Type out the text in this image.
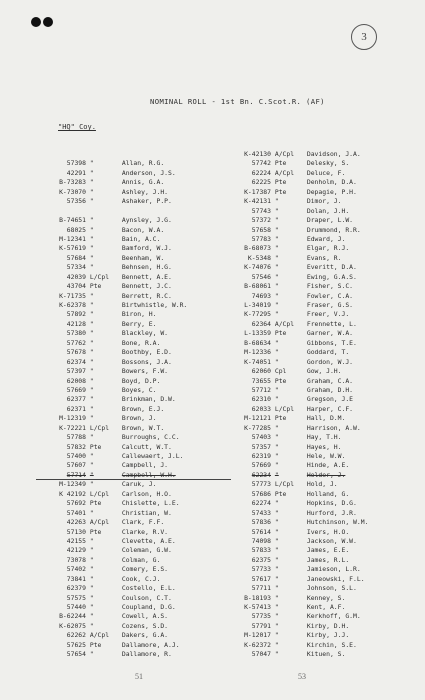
3
NOMINAL ROLL - 1st Bn. C.Scot.R. (AF)
"HQ" Coy.

57398 "	Allan, R.G.
42291 "	Anderson, J.S.
B-73283 "	Annis, G.A.
K-73070 "	Ashley, J.H.
57356 "	Ashaker, P.P.

B-74651 "	Aynsley, J.G.
68025 "	Bacon, W.A.
M-12341 "	Bain, A.C.
K-57619 "	Bamford, W.J.
57684 "	Beenham, W.
57334 "	Behnsen, H.G.
42039 L/Cpl Bennett, A.E.
43704 Pte	Bennett, J.C.
K-71735 "	Berrett, R.C.
K-62378 "	Birtwhistle, W.R.
57892 "	Biron, H.
42128 "	Berry, E.
57380 "	Blackley, W.
57762 "	Bone, R.A.
57678 "	Boothby, E.D.
62374 "	Bossons, J.A.
57397 "	Bowers, F.W.
62008 "	Boyd, D.P.
57669 "	Boyes, C.
62377 "	Brinkman, D.W.
62371 "	Brown, E.J.
M-12319 "	Brown, J.
K-72221 L/Cpl Brown, W.T.
57788 "	Burroughs, C.C.
57832 Pte	Calcutt, W.T.
57400 "	Callewaert, J.L.
57607 "	Campbell, J.
57714 "	Campbell, W.H.
M-12349 "	Caruk, J.
K 42192 L/Cpl Carlson, H.O.
57692 Pte	Chislette, L.E.
57401 "	Christian, W.
42263 A/Cpl Clark, F.F.
57130 Pte	Clarke, R.V.
42155 "	Clevette, A.E.
42129 "	Coleman, G.W.
73078 "	Colman, G.
57402 "	Comery, E.S.
73841 "	Cook, C.J.
62379 "	Costello, E.L.
57575 "	Coulson, C.T.
57440 "	Coupland, D.G.
B-62244 "	Cowell, A.S.
K-62075 "	Cozens, S.D.
62262 A/Cpl Dakers, G.A.
57625 Pte	Dallamore, A.J.
57654 "	Dallamore, R.
K-42130 A/Cpl Davidson, J.A.
57742 Pte	Delesky, S.
62224 A/Cpl Deluce, F.
62225 Pte	Denholm, D.A.
K-17387 Pte	Depagie, P.H.
K-42131 "	Dimor, J.
57743 "	Dolan, J.H.
57372 "	Draper, L.W.
57658 "	Drummond, R.R.
57783 "	Edward, J.
B-68073 "	Elgar, R.J.
K-5348 "	Evans, R.
K-74076 "	Everitt, D.A.
57546 "	Ewing, G.A.S.
B-68061 "	Fisher, S.C.
74693 "	Fowler, C.A.
L-34019 "	Fraser, G.S.
K-77295 "	Freer, V.J.
62364 A/Cpl Frennette, L.
L-13359 Pte	Garner, W.A.
B-68634 "	Gibbons, T.E.
M-12336 "	Goddard, T.
K-74051 "	Gordon, W.J.
62060 Cpl	Gow, J.H.
73655 Pte	Graham, C.A.
57712 "	Graham, D.H.
62310 "	Gregson, J.E
62033 L/Cpl Harper, C.F.
M-12121 Pte	Hall, D.M.
K-77285 "	Harrison, A.W.
57403 "	Hay, T.H.
57357 "	Hayes, H.
62319 "	Hele, W.W.
57669 "	Hinde, A.E.
62234 "	Holder, J.
57773 L/Cpl Hold, J.
57686 Pte	Holland, G.
62274 "	Hopkins, D.G.
57433 "	Hurford, J.R.
57836 "	Hutchinson, W.M.
57614 "	Ivers, H.O.
74098 "	Jackson, W.W.
57833 "	James, E.E.
62375 "	James, R.L.
57733 "	Jamieson, L.R.
57617 "	Janeowski, F.L.
57711 "	Johnson, S.L.
B-18193 "	Kenney, S.
K-57413 "	Kent, A.F.
57735 "	Kerkhoff, G.M.
57791 "	Kirby, D.H.
M-12017 "	Kirby, J.J.
K-62372 "	Kirchin, S.E.
57047 "	Kituen, S.
51	53
